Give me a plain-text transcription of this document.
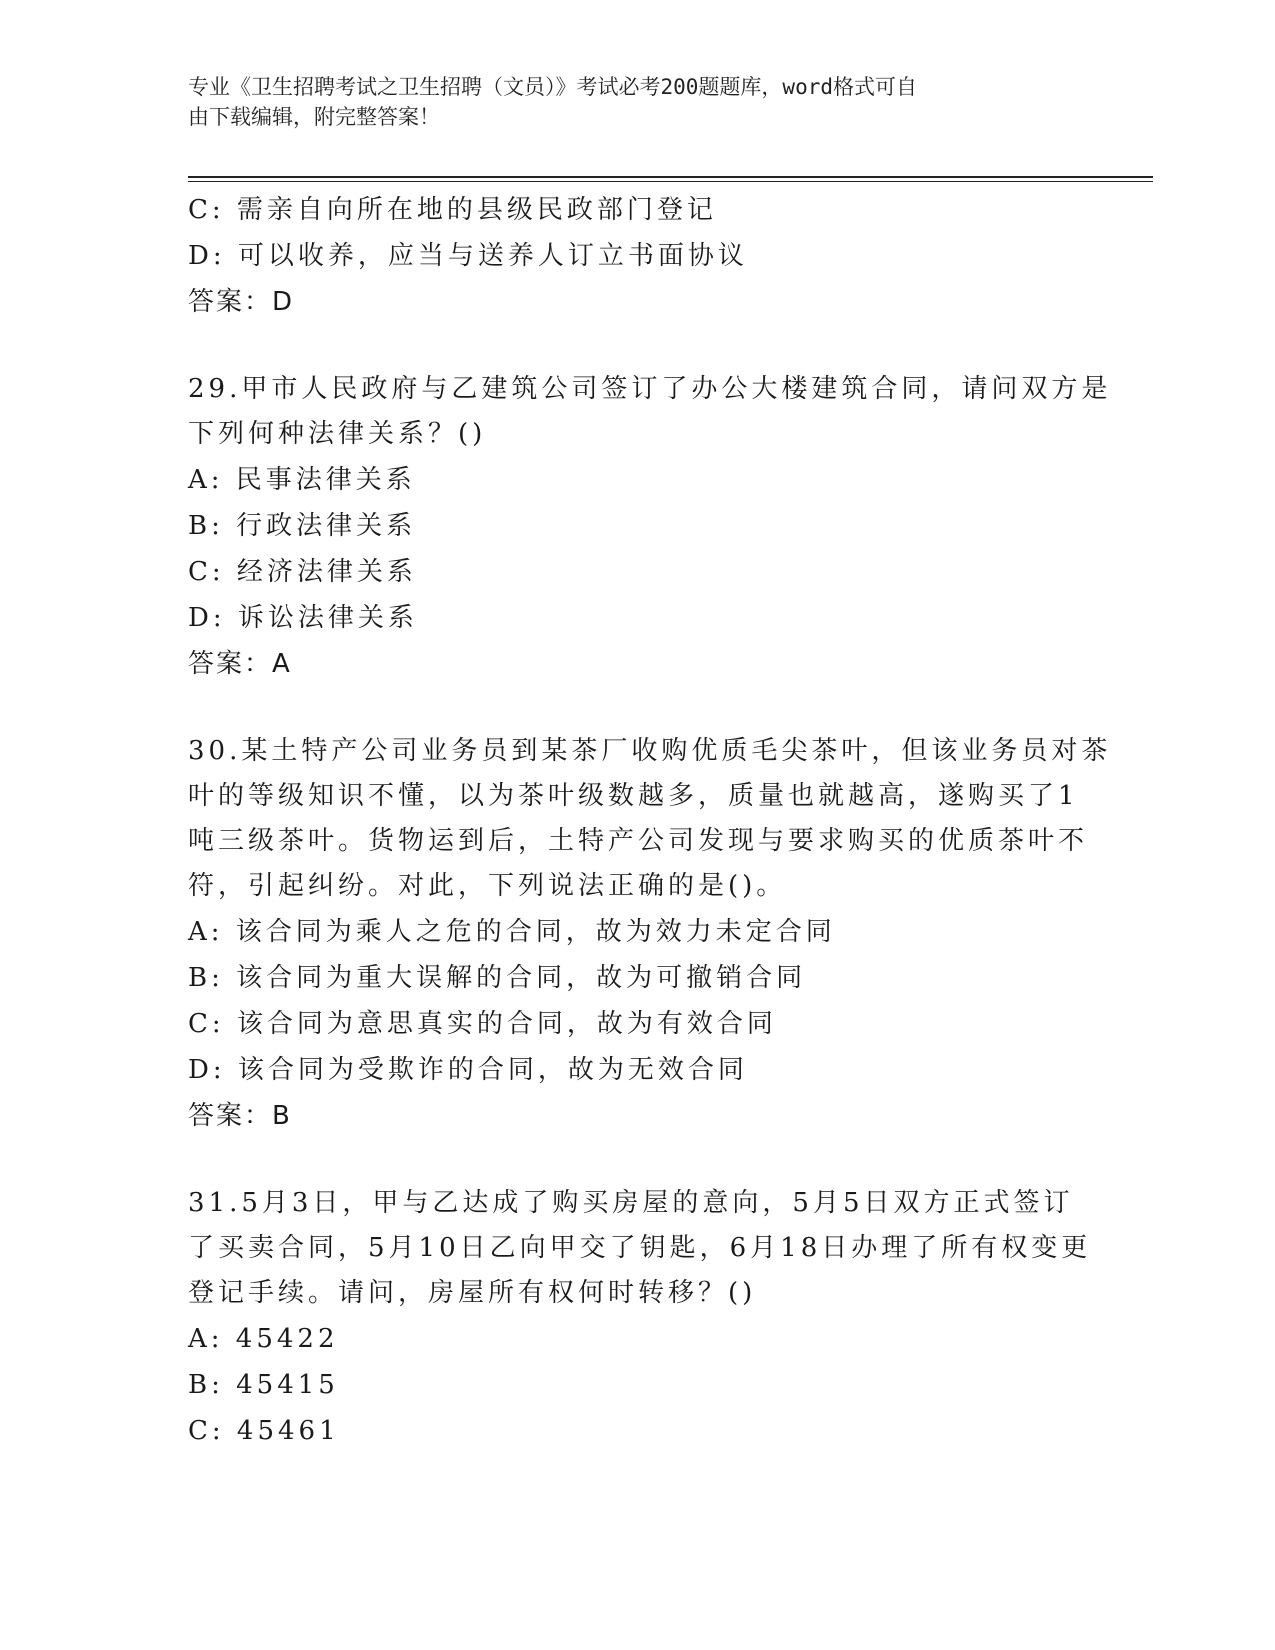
专业《卫生招聘考试之卫生招聘（文员）》考试必考200题题库，word格式可自
由下载编辑，附完整答案！
C: 需亲自向所在地的县级民政部门登记
D: 可以收养，应当与送养人订立书面协议
答案：D
29.甲市人民政府与乙建筑公司签订了办公大楼建筑合同，请问双方是
下列何种法律关系？()
A: 民事法律关系
B: 行政法律关系
C: 经济法律关系
D: 诉讼法律关系
答案：A
30.某土特产公司业务员到某茶厂收购优质毛尖茶叶，但该业务员对茶
叶的等级知识不懂，以为茶叶级数越多，质量也就越高，遂购买了1
吨三级茶叶。货物运到后，土特产公司发现与要求购买的优质茶叶不
符，引起纠纷。对此，下列说法正确的是()。
A: 该合同为乘人之危的合同，故为效力未定合同
B: 该合同为重大误解的合同，故为可撤销合同
C: 该合同为意思真实的合同，故为有效合同
D: 该合同为受欺诈的合同，故为无效合同
答案：B
31.5月3日，甲与乙达成了购买房屋的意向，5月5日双方正式签订
了买卖合同，5月10日乙向甲交了钥匙，6月18日办理了所有权变更
登记手续。请问，房屋所有权何时转移？()
A: 45422
B: 45415
C: 45461
